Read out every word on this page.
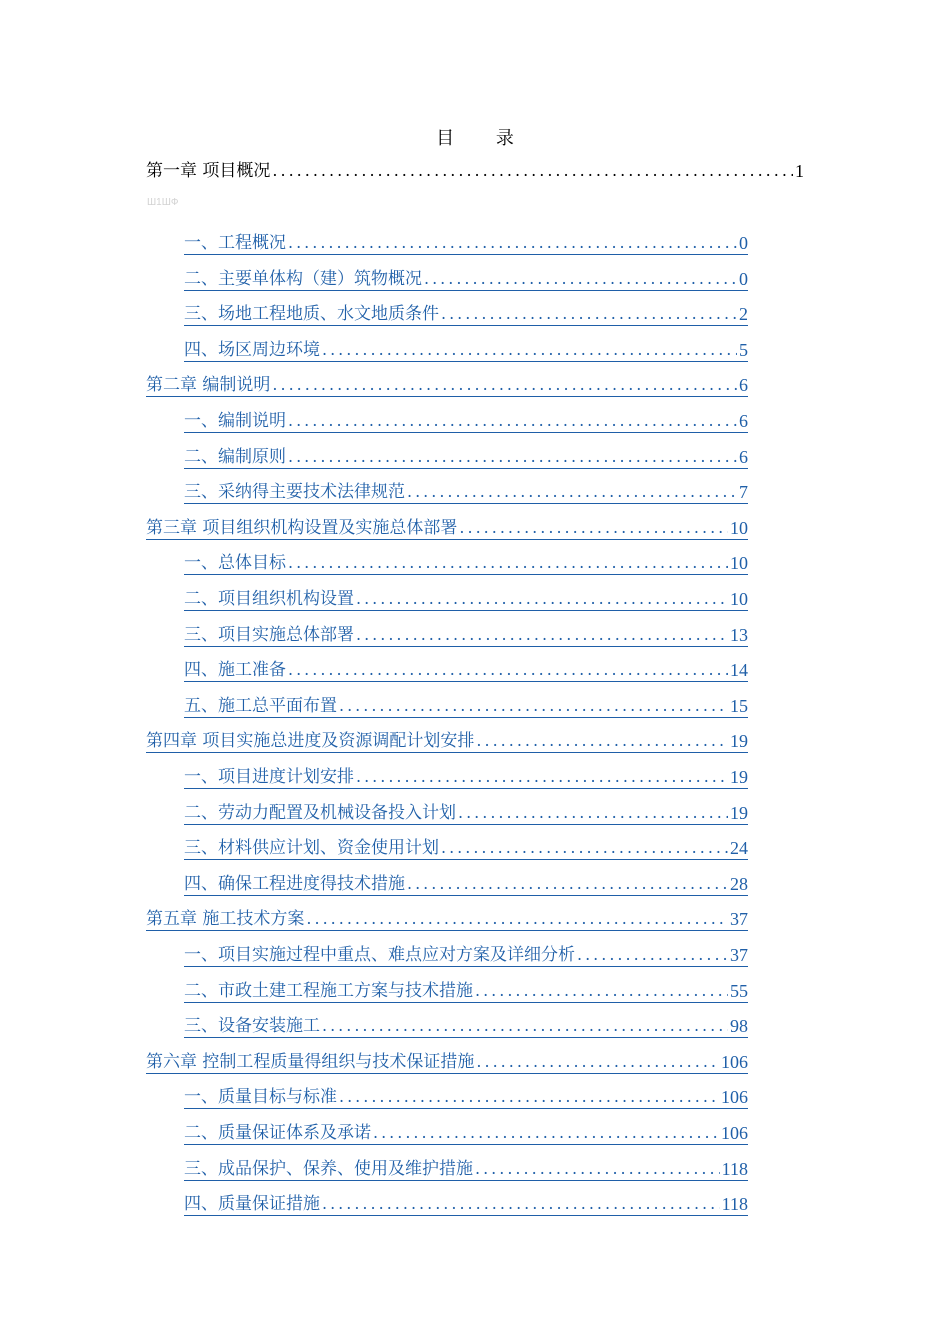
目 录
第一章 项目概况 .....	1
一、工程概况 .....	0
二、主要单体构（建）筑物概况 .....	0
三、场地工程地质、水文地质条件 .....	2
四、场区周边环境 .....	5
第二章 编制说明 .....	6
一、编制说明 .....	6
二、编制原则 .....	6
三、采纳得主要技术法律规范 .....	7
第三章 项目组织机构设置及实施总体部署 .....	10
一、总体目标 .....	10
二、项目组织机构设置 .....	10
三、项目实施总体部署 .....	13
四、施工准备 .....	14
五、施工总平面布置 .....	15
第四章 项目实施总进度及资源调配计划安排 .....	19
一、项目进度计划安排 .....	19
二、劳动力配置及机械设备投入计划 .....	19
三、材料供应计划、资金使用计划 .....	24
四、确保工程进度得技术措施 .....	28
第五章 施工技术方案 .....	37
一、项目实施过程中重点、难点应对方案及详细分析 .....	37
二、市政土建工程施工方案与技术措施 .....	55
三、设备安装施工 .....	98
第六章 控制工程质量得组织与技术保证措施 .....	106
一、质量目标与标准 .....	106
二、质量保证体系及承诺 .....	106
三、成品保护、保养、使用及维护措施 .....	118
四、质量保证措施 .....	118
Ш1ШФ
